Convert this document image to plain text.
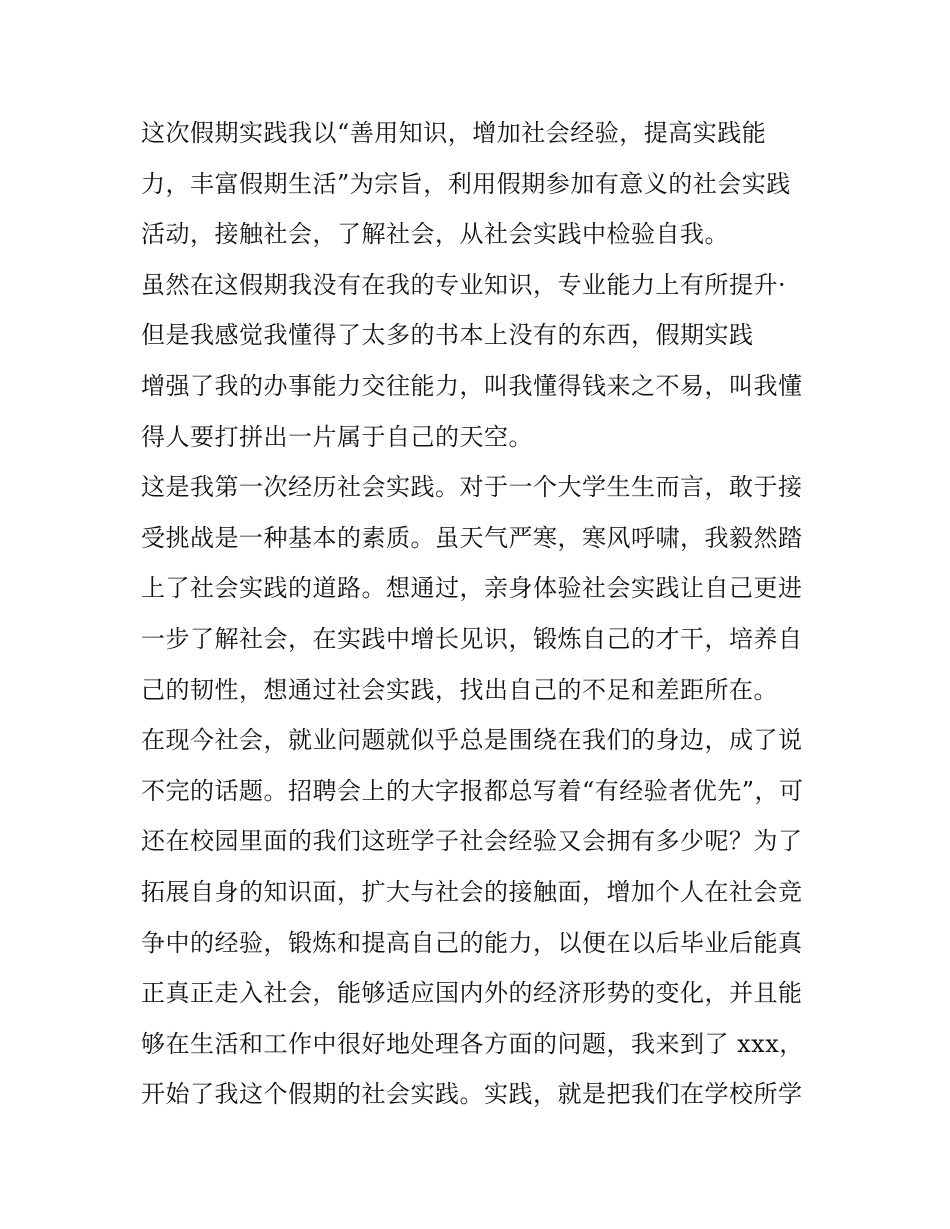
这次假期实践我以“善用知识，增加社会经验，提高实践能
力，丰富假期生活”为宗旨，利用假期参加有意义的社会实践
活动，接触社会，了解社会，从社会实践中检验自我。
虽然在这假期我没有在我的专业知识，专业能力上有所提升·
但是我感觉我懂得了太多的书本上没有的东西，假期实践
增强了我的办事能力交往能力，叫我懂得钱来之不易，叫我懂
得人要打拼出一片属于自己的天空。
这是我第一次经历社会实践。对于一个大学生生而言，敢于接
受挑战是一种基本的素质。虽天气严寒，寒风呼啸，我毅然踏
上了社会实践的道路。想通过，亲身体验社会实践让自己更进
一步了解社会，在实践中增长见识，锻炼自己的才干，培养自
己的韧性，想通过社会实践，找出自己的不足和差距所在。
在现今社会，就业问题就似乎总是围绕在我们的身边，成了说
不完的话题。招聘会上的大字报都总写着“有经验者优先”，可
还在校园里面的我们这班学子社会经验又会拥有多少呢？为了
拓展自身的知识面，扩大与社会的接触面，增加个人在社会竞
争中的经验，锻炼和提高自己的能力，以便在以后毕业后能真
正真正走入社会，能够适应国内外的经济形势的变化，并且能
够在生活和工作中很好地处理各方面的问题，我来到了 xxx，
开始了我这个假期的社会实践。实践，就是把我们在学校所学
